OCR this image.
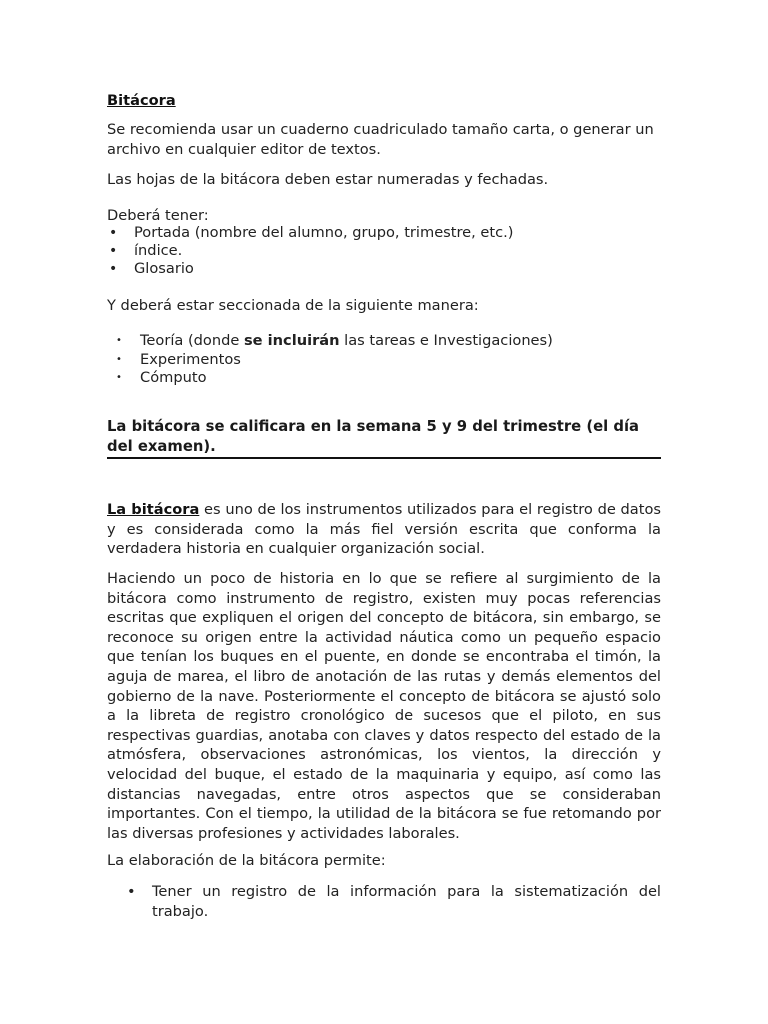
Bitácora

Se recomienda usar un cuaderno cuadriculado tamaño carta, o generar un archivo en cualquier editor de textos.

Las hojas de la bitácora deben estar numeradas y fechadas.

Deberá tener:

• Portada (nombre del alumno, grupo, trimestre, etc.)
• índice.
• Glosario

Y deberá estar seccionada de la siguiente manera:

• Teoría (donde se incluirán las tareas e Investigaciones)
• Experimentos
• Cómputo

La bitácora se calificara en la semana 5 y 9 del trimestre (el día del examen).

La bitácora es uno de los instrumentos utilizados para el registro de datos y es considerada como la más fiel versión escrita que conforma la verdadera historia en cualquier organización social.

Haciendo un poco de historia en lo que se refiere al surgimiento de la bitácora como instrumento de registro, existen muy pocas referencias escritas que expliquen el origen del concepto de bitácora, sin embargo, se reconoce su origen entre la actividad náutica como un pequeño espacio que tenían los buques en el puente, en donde se encontraba el timón, la aguja de marea, el libro de anotación de las rutas y demás elementos del gobierno de la nave. Posteriormente el concepto de bitácora se ajustó solo a la libreta de registro cronológico de sucesos que el piloto, en sus respectivas guardias, anotaba con claves y datos respecto del estado de la atmósfera, observaciones astronómicas, los vientos, la dirección y velocidad del buque, el estado de la maquinaria y equipo, así como las distancias navegadas, entre otros aspectos que se consideraban importantes. Con el tiempo, la utilidad de la bitácora se fue retomando por las diversas profesiones y actividades laborales.

La elaboración de la bitácora permite:

• Tener un registro de la información para la sistematización del trabajo.
